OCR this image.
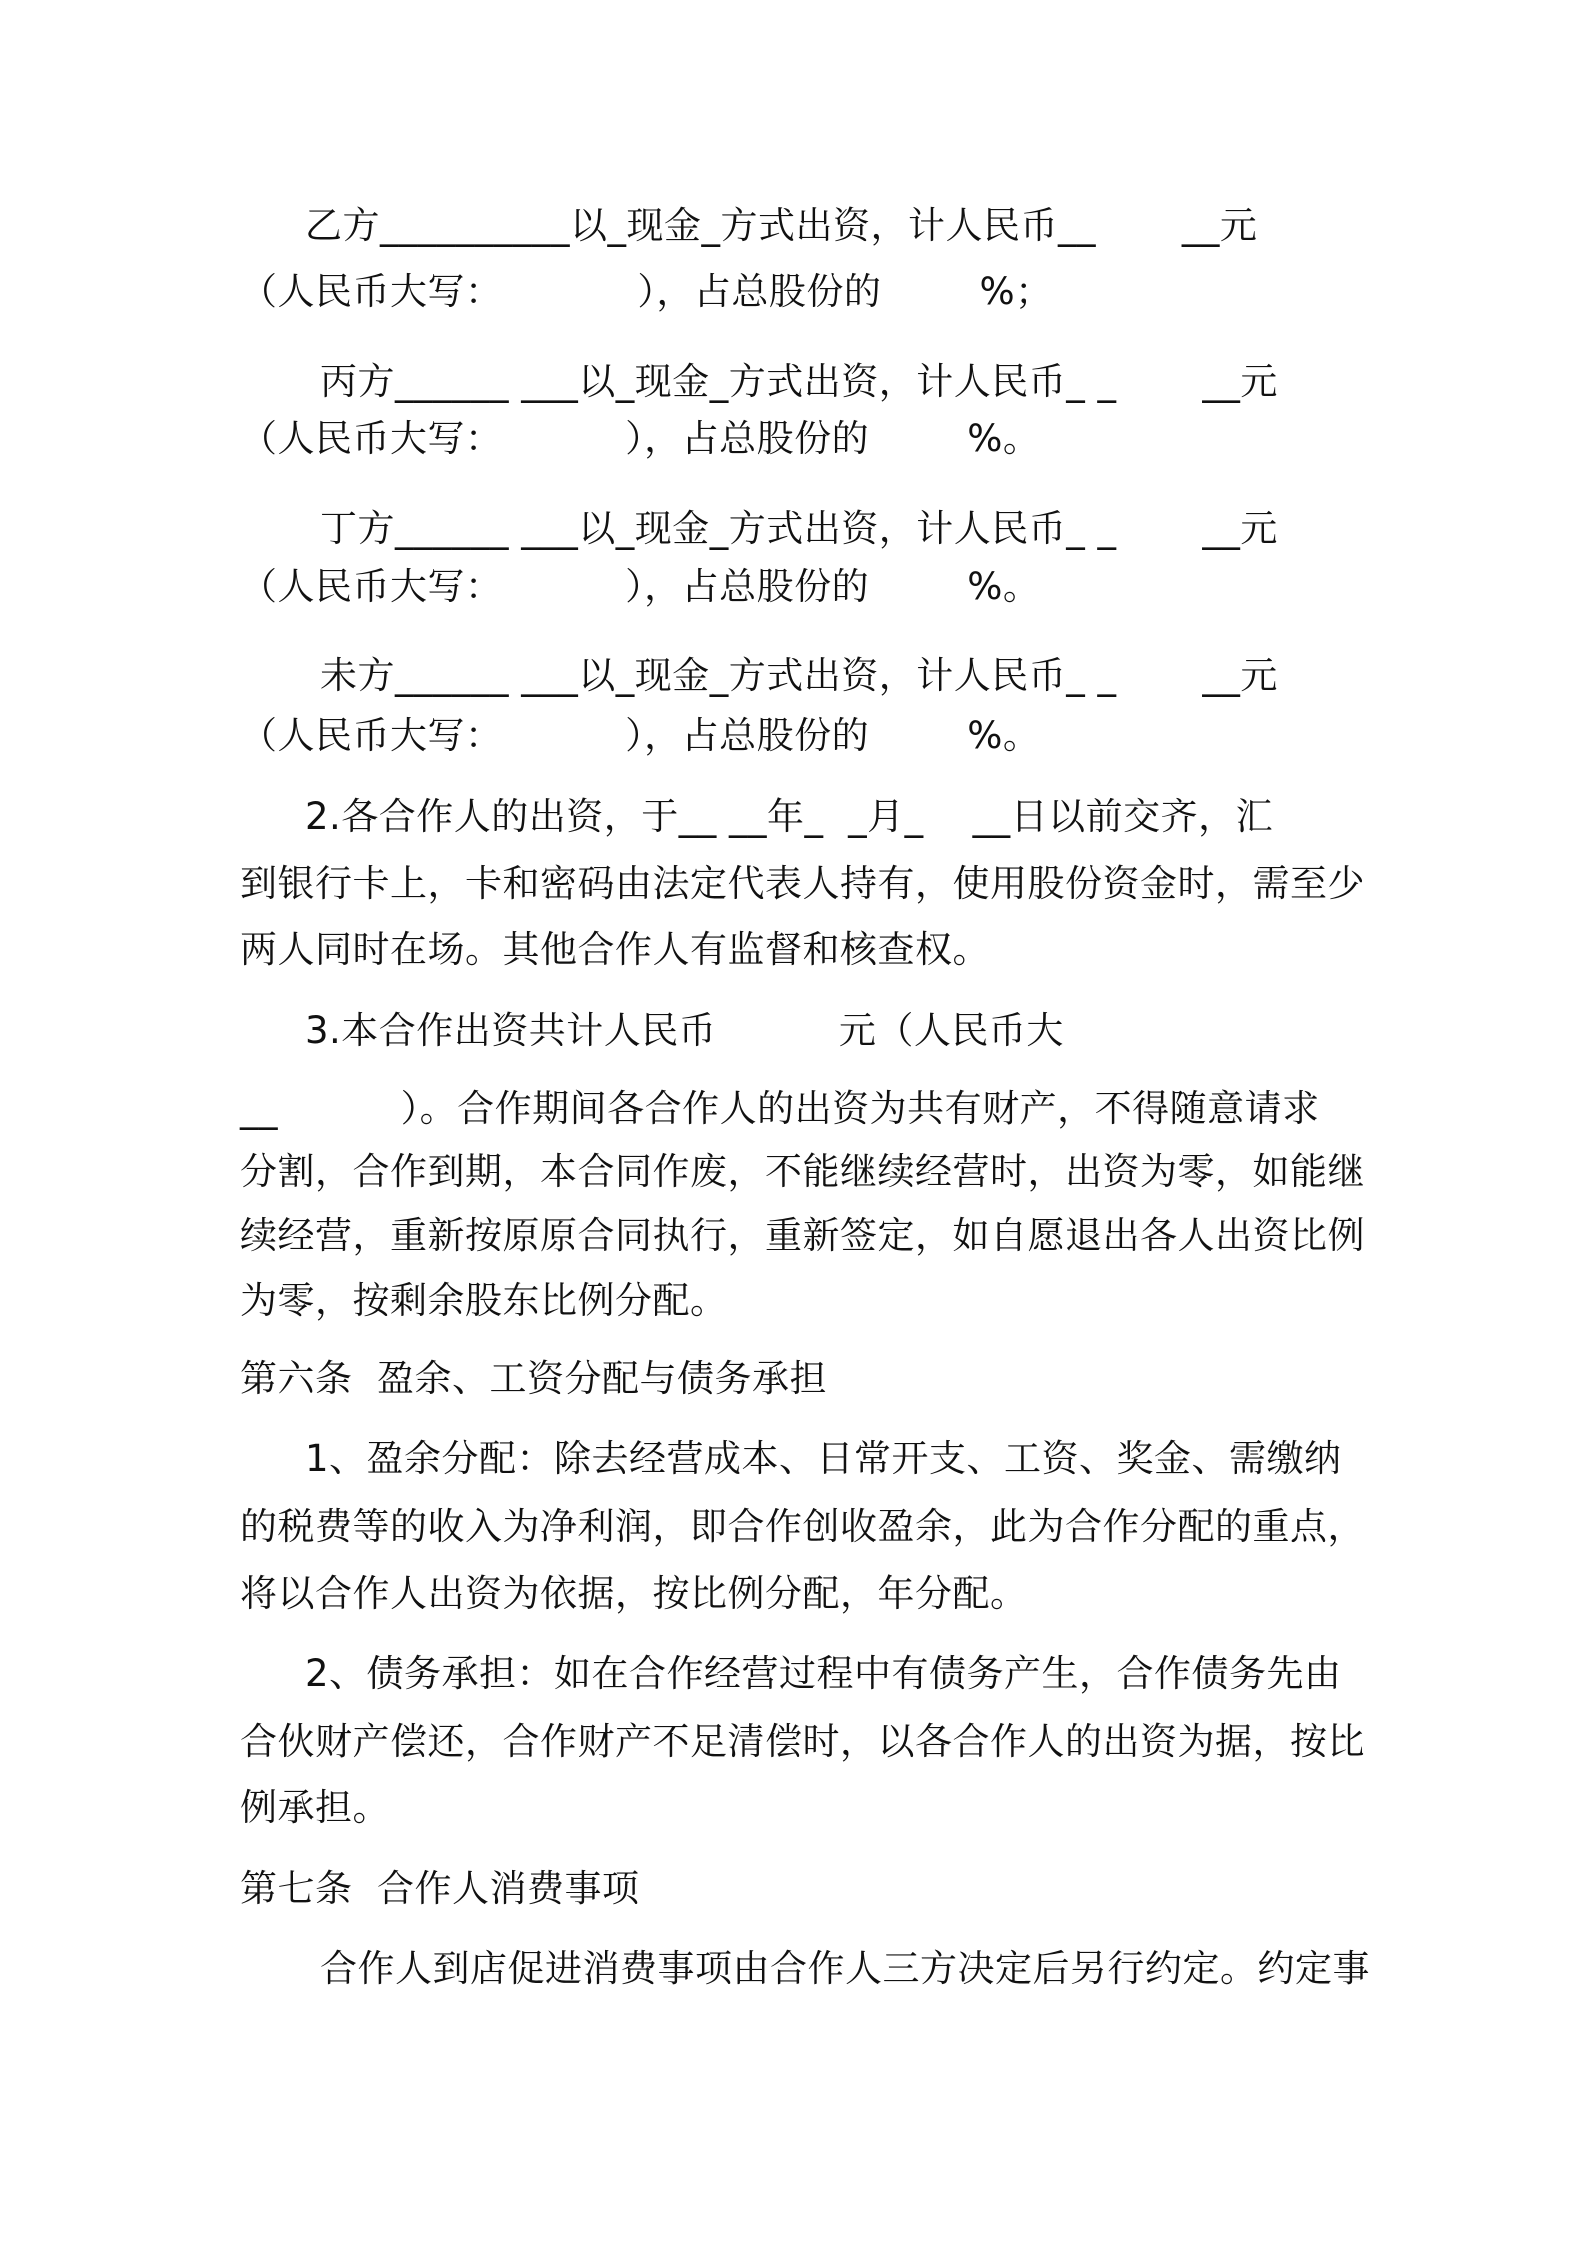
乙方__________以_现金_方式出资，计人民币__       __元
（人民币大写：           ），占总股份的        %；
丙方______ ___以_现金_方式出资，计人民币_ _       __元
（人民币大写：          ），占总股份的        %。
丁方______ ___以_现金_方式出资，计人民币_ _       __元
（人民币大写：          ），占总股份的        %。
未方______ ___以_现金_方式出资，计人民币_ _       __元
（人民币大写：          ），占总股份的        %。
2.各合作人的出资，于__ __年_  _月_    __日以前交齐，汇
到银行卡上，卡和密码由法定代表人持有，使用股份资金时，需至少
两人同时在场。其他合作人有监督和核查权。
3.本合作出资共计人民币          元（人民币大
__          ）。合作期间各合作人的出资为共有财产，不得随意请求
分割，合作到期，本合同作废，不能继续经营时，出资为零，如能继
续经营，重新按原原合同执行，重新签定，如自愿退出各人出资比例
为零，按剩余股东比例分配。
第六条  盈余、工资分配与债务承担
1、盈余分配：除去经营成本、日常开支、工资、奖金、需缴纳
的税费等的收入为净利润，即合作创收盈余，此为合作分配的重点，
将以合作人出资为依据，按比例分配，年分配。
2、债务承担：如在合作经营过程中有债务产生，合作债务先由
合伙财产偿还，合作财产不足清偿时，以各合作人的出资为据，按比
例承担。
第七条  合作人消费事项
合作人到店促进消费事项由合作人三方决定后另行约定。约定事
